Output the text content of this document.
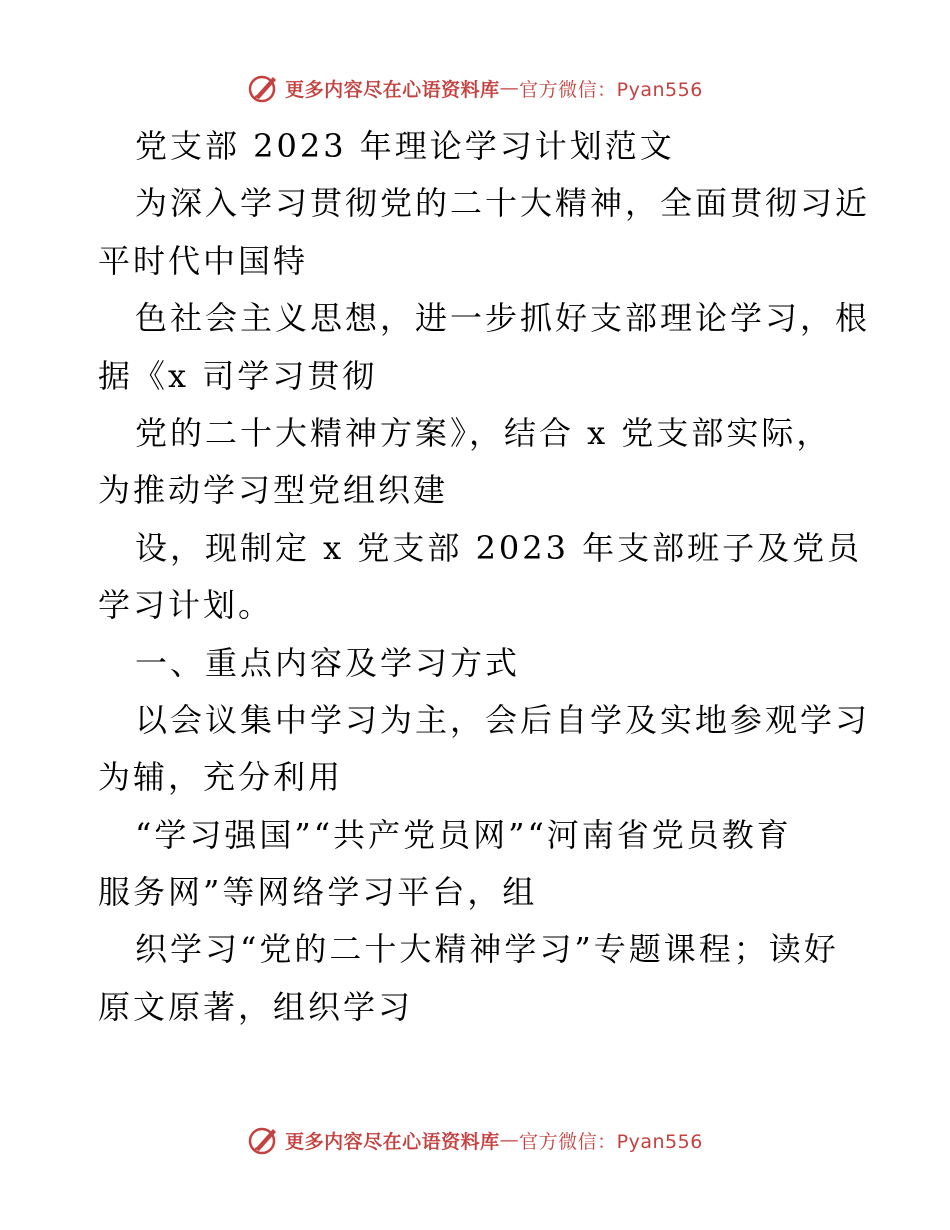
更多内容尽在心语资料库 — 官方微信：Pyan556
党支部 2023 年理论学习计划范文
为深入学习贯彻党的二十大精神，全面贯彻习近
平时代中国特
色社会主义思想，进一步抓好支部理论学习，根
据《x 司学习贯彻
党的二十大精神方案》，结合 x 党支部实际，
为推动学习型党组织建
设，现制定 x 党支部 2023 年支部班子及党员
学习计划。
一、重点内容及学习方式
以会议集中学习为主，会后自学及实地参观学习
为辅，充分利用
“学习强国”“共产党员网”“河南省党员教育
服务网”等网络学习平台，组
织学习“党的二十大精神学习”专题课程；读好
原文原著，组织学习
更多内容尽在心语资料库 — 官方微信：Pyan556
